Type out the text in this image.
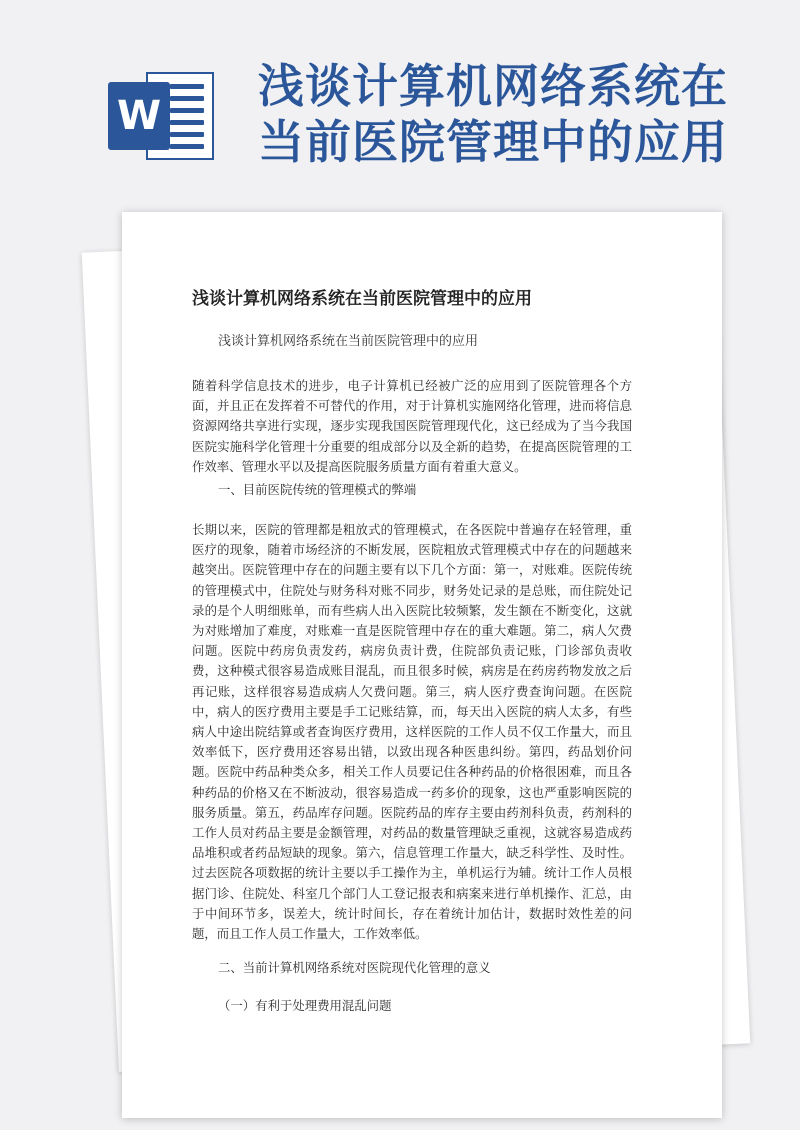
W
浅谈计算机网络系统在
当前医院管理中的应用
浅谈计算机网络系统在当前医院管理中的应用
浅谈计算机网络系统在当前医院管理中的应用

随着科学信息技术的进步，电子计算机已经被广泛的应用到了医院管理各个方面，并且正在发挥着不可替代的作用，对于计算机实施网络化管理，进而将信息资源网络共享进行实现，逐步实现我国医院管理现代化，这已经成为了当今我国医院实施科学化管理十分重要的组成部分以及全新的趋势，在提高医院管理的工作效率、管理水平以及提高医院服务质量方面有着重大意义。

一、目前医院传统的管理模式的弊端

长期以来，医院的管理都是粗放式的管理模式，在各医院中普遍存在轻管理，重医疗的现象，随着市场经济的不断发展，医院粗放式管理模式中存在的问题越来越突出。医院管理中存在的问题主要有以下几个方面：第一，对账难。医院传统的管理模式中，住院处与财务科对账不同步，财务处记录的是总账，而住院处记录的是个人明细账单，而有些病人出入医院比较频繁，发生额在不断变化，这就为对账增加了难度，对账难一直是医院管理中存在的重大难题。第二，病人欠费问题。医院中药房负责发药，病房负责计费，住院部负责记账，门诊部负责收费，这种模式很容易造成账目混乱，而且很多时候，病房是在药房药物发放之后再记账，这样很容易造成病人欠费问题。第三，病人医疗费查询问题。在医院中，病人的医疗费用主要是手工记账结算，而，每天出入医院的病人太多，有些病人中途出院结算或者查询医疗费用，这样医院的工作人员不仅工作量大，而且效率低下，医疗费用还容易出错，以致出现各种医患纠纷。第四，药品划价问题。医院中药品种类众多，相关工作人员要记住各种药品的价格很困难，而且各种药品的价格又在不断波动，很容易造成一药多价的现象，这也严重影响医院的服务质量。第五，药品库存问题。医院药品的库存主要由药剂科负责，药剂科的工作人员对药品主要是金额管理，对药品的数量管理缺乏重视，这就容易造成药品堆积或者药品短缺的现象。第六，信息管理工作量大，缺乏科学性、及时性。过去医院各项数据的统计主要以手工操作为主，单机运行为辅。统计工作人员根据门诊、住院处、科室几个部门人工登记报表和病案来进行单机操作、汇总，由于中间环节多，误差大，统计时间长，存在着统计加估计，数据时效性差的问题，而且工作人员工作量大，工作效率低。

二、当前计算机网络系统对医院现代化管理的意义
（一）有利于处理费用混乱问题
